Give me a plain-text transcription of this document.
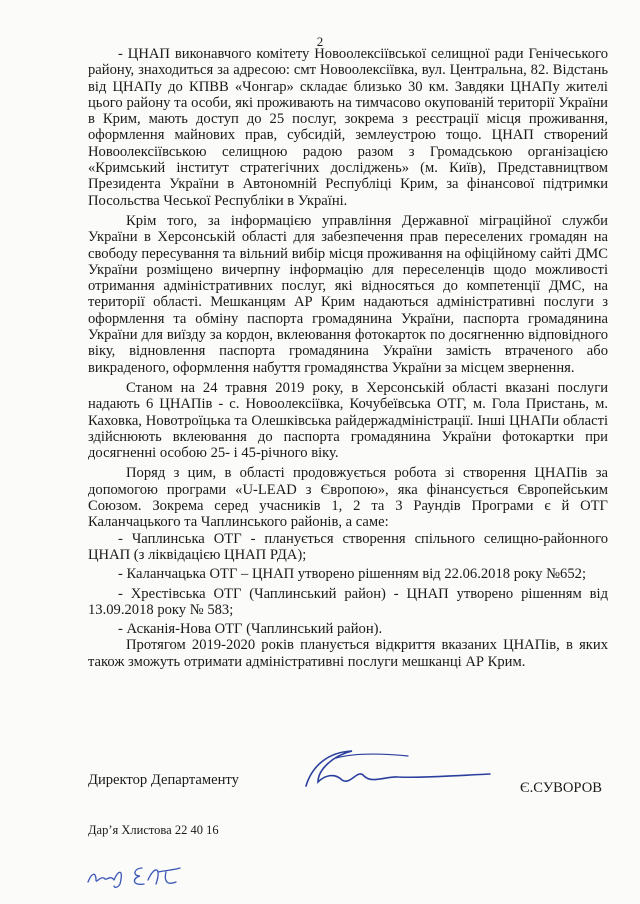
2

- ЦНАП виконавчого комітету Новоолексіївської селищної ради Генічеського району, знаходиться за адресою: смт Новоолексіївка, вул. Центральна, 82. Відстань від ЦНАПу до КПВВ «Чонгар» складає близько 30 км. Завдяки ЦНАПу жителі цього району та особи, які проживають на тимчасово окупованій території України в Крим, мають доступ до 25 послуг, зокрема з реєстрації місця проживання, оформлення майнових прав, субсидій, землеустрою тощо. ЦНАП створений Новоолексіївською селищною радою разом з Громадською організацією «Кримський інститут стратегічних досліджень» (м. Київ), Представництвом Президента України в Автономній Республіці Крим, за фінансової підтримки Посольства Чеської Республіки в Україні.

Крім того, за інформацією управління Державної міграційної служби України в Херсонській області для забезпечення прав переселених громадян на свободу пересування та вільний вибір місця проживання на офіційному сайті ДМС України розміщено вичерпну інформацію для переселенців щодо можливості отримання адміністративних послуг, які відносяться до компетенції ДМС, на території області. Мешканцям АР Крим надаються адміністративні послуги з оформлення та обміну паспорта громадянина України, паспорта громадянина України для виїзду за кордон, вклеювання фотокарток по досягненню відповідного віку, відновлення паспорта громадянина України замість втраченого або викраденого, оформлення набуття громадянства України за місцем звернення.

Станом на 24 травня 2019 року, в Херсонській області вказані послуги надають 6 ЦНАПів - с. Новоолексіївка, Кочубеївська ОТГ, м. Гола Пристань, м. Каховка, Новотроїцька та Олешківська райдержадміністрації. Інші ЦНАПи області здійснюють вклеювання до паспорта громадянина України фотокартки при досягненні особою 25- і 45-річного віку.

Поряд з цим, в області продовжується робота зі створення ЦНАПів за допомогою програми «U-LEAD з Європою», яка фінансується Європейським Союзом. Зокрема серед учасників 1, 2 та 3 Раундів Програми є й ОТГ Каланчацького та Чаплинського районів, а саме:

- Чаплинська ОТГ - планується створення спільного селищно-районного ЦНАП (з ліквідацією ЦНАП РДА);

- Каланчацька ОТГ – ЦНАП утворено рішенням від 22.06.2018 року №652;

- Хрестівська ОТГ (Чаплинський район) - ЦНАП утворено рішенням від 13.09.2018 року № 583;

- Асканія-Нова ОТГ (Чаплинський район).

Протягом 2019-2020 років планується відкриття вказаних ЦНАПів, в яких також зможуть отримати адміністративні послуги мешканці АР Крим.

Директор Департаменту	Є.СУВОРОВ
Дар’я Хлистова 22 40 16
